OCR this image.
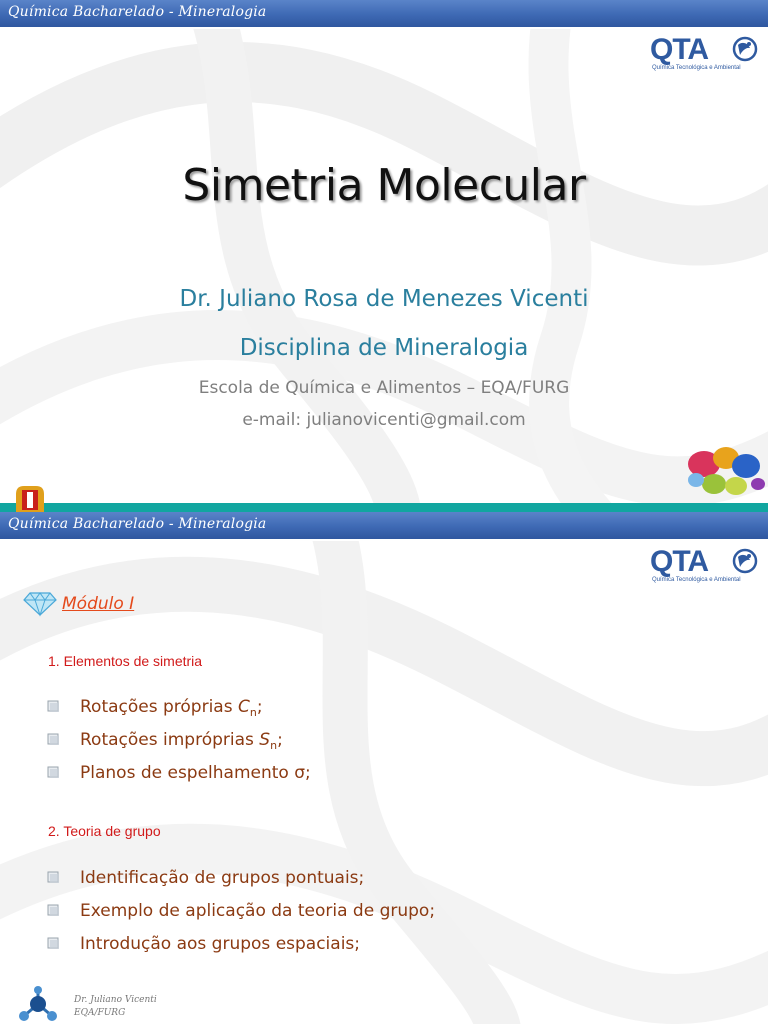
Química Bacharelado - Mineralogia
QTA
Química Tecnológica e Ambiental
Simetria Molecular
Dr. Juliano Rosa de Menezes Vicenti
Disciplina de Mineralogia
Escola de Química e Alimentos – EQA/FURG
e-mail: julianovicenti@gmail.com
Química Bacharelado - Mineralogia
QTA
Química Tecnológica e Ambiental
Módulo I
1. Elementos de simetria
Rotações próprias $C_n$;
Rotações impróprias $S_n$;
Planos de espelhamento σ;
2. Teoria de grupo
Identificação de grupos pontuais;
Exemplo de aplicação da teoria de grupo;
Introdução aos grupos espaciais;
Dr. Juliano Vicenti
EQA/FURG
